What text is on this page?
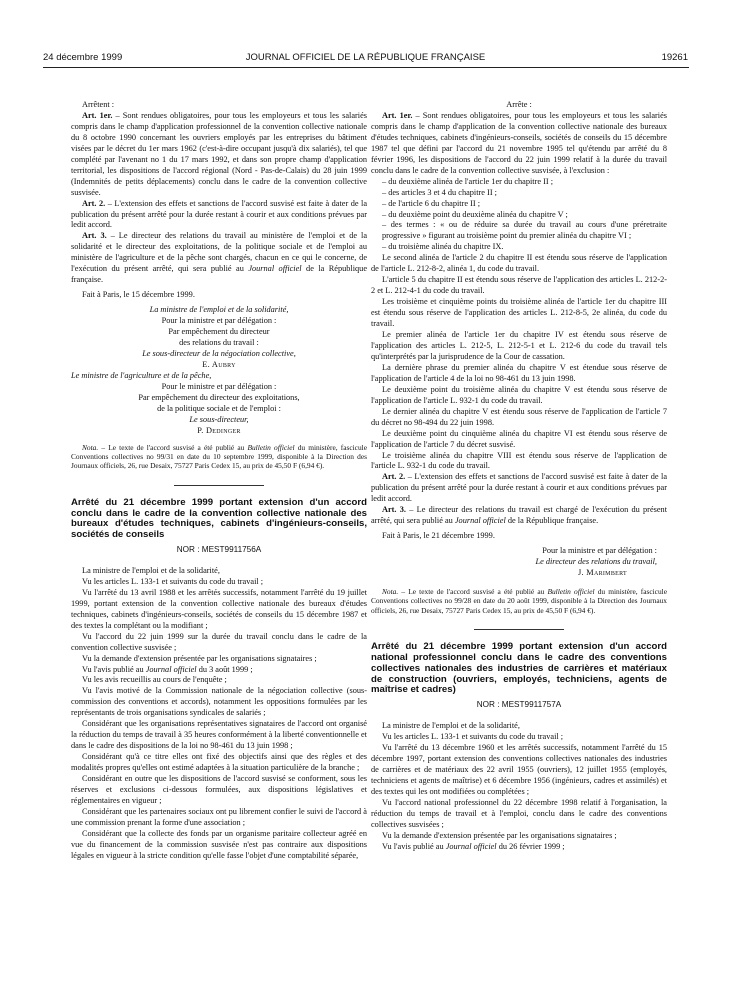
24 décembre 1999	JOURNAL OFFICIEL DE LA RÉPUBLIQUE FRANÇAISE	19261

Arrêtent :

Art. 1er. – Sont rendues obligatoires, pour tous les employeurs et tous les salariés compris dans le champ d'application professionnel de la convention collective nationale du 8 octobre 1990 concernant les ouvriers employés par les entreprises du bâtiment visées par le décret du 1er mars 1962 (c'est-à-dire occupant jusqu'à dix salariés), tel que complété par l'avenant no 1 du 17 mars 1992, et dans son propre champ d'application territorial, les dispositions de l'accord régional (Nord - Pas-de-Calais) du 28 juin 1999 (Indemnités de petits déplacements) conclu dans le cadre de la convention collective susvisée.

Art. 2. – L'extension des effets et sanctions de l'accord susvisé est faite à dater de la publication du présent arrêté pour la durée restant à courir et aux conditions prévues par ledit accord.

Art. 3. – Le directeur des relations du travail au ministère de l'emploi et de la solidarité et le directeur des exploitations, de la politique sociale et de l'emploi au ministère de l'agriculture et de la pêche sont chargés, chacun en ce qui le concerne, de l'exécution du présent arrêté, qui sera publié au Journal officiel de la République française.

Fait à Paris, le 15 décembre 1999.

La ministre de l'emploi et de la solidarité,

Pour la ministre et par délégation :

Par empêchement du directeur

des relations du travail :

Le sous-directeur de la négociation collective,

E. Aubry

Le ministre de l'agriculture et de la pêche,

Pour le ministre et par délégation :

Par empêchement du directeur des exploitations,

de la politique sociale et de l'emploi :

Le sous-directeur,

P. Dedinger

Nota. – Le texte de l'accord susvisé a été publié au Bulletin officiel du ministère, fascicule Conventions collectives no 99/31 en date du 10 septembre 1999, disponible à la Direction des Journaux officiels, 26, rue Desaix, 75727 Paris Cedex 15, au prix de 45,50 F (6,94 €).

Arrêté du 21 décembre 1999 portant extension d'un accord conclu dans le cadre de la convention collective nationale des bureaux d'études techniques, cabinets d'ingénieurs-conseils, sociétés de conseils

NOR : MESТ9911756A

La ministre de l'emploi et de la solidarité,

Vu les articles L. 133-1 et suivants du code du travail ;

Vu l'arrêté du 13 avril 1988 et les arrêtés successifs, notamment l'arrêté du 19 juillet 1999, portant extension de la convention collective nationale des bureaux d'études techniques, cabinets d'ingénieurs-conseils, sociétés de conseils du 15 décembre 1987 et des textes la complétant ou la modifiant ;

Vu l'accord du 22 juin 1999 sur la durée du travail conclu dans le cadre de la convention collective susvisée ;

Vu la demande d'extension présentée par les organisations signataires ;

Vu l'avis publié au Journal officiel du 3 août 1999 ;

Vu les avis recueillis au cours de l'enquête ;

Vu l'avis motivé de la Commission nationale de la négociation collective (sous-commission des conventions et accords), notamment les oppositions formulées par les représentants de trois organisations syndicales de salariés ;

Considérant que les organisations représentatives signataires de l'accord ont organisé la réduction du temps de travail à 35 heures conformément à la liberté conventionnelle et dans le cadre des dispositions de la loi no 98-461 du 13 juin 1998 ;

Considérant qu'à ce titre elles ont fixé des objectifs ainsi que des règles et des modalités propres qu'elles ont estimé adaptées à la situation particulière de la branche ;

Considérant en outre que les dispositions de l'accord susvisé se conforment, sous les réserves et exclusions ci-dessous formulées, aux dispositions législatives et réglementaires en vigueur ;

Considérant que les partenaires sociaux ont pu librement confier le suivi de l'accord à une commission prenant la forme d'une association ;

Considérant que la collecte des fonds par un organisme paritaire collecteur agréé en vue du financement de la commission susvisée n'est pas contraire aux dispositions légales en vigueur à la stricte condition qu'elle fasse l'objet d'une comptabilité séparée,

Arrête :

Art. 1er. – Sont rendues obligatoires, pour tous les employeurs et tous les salariés compris dans le champ d'application de la convention collective nationale des bureaux d'études techniques, cabinets d'ingénieurs-conseils, sociétés de conseils du 15 décembre 1987 tel que défini par l'accord du 21 novembre 1995 tel qu'étendu par arrêté du 8 février 1996, les dispositions de l'accord du 22 juin 1999 relatif à la durée du travail conclu dans le cadre de la convention collective susvisée, à l'exclusion :

– du deuxième alinéa de l'article 1er du chapitre II ;

– des articles 3 et 4 du chapitre II ;

– de l'article 6 du chapitre II ;

– du deuxième point du deuxième alinéa du chapitre V ;

– des termes : « ou de réduire sa durée du travail au cours d'une préretraite progressive » figurant au troisième point du premier alinéa du chapitre VI ;

– du troisième alinéa du chapitre IX.

Le second alinéa de l'article 2 du chapitre II est étendu sous réserve de l'application de l'article L. 212-8-2, alinéa 1, du code du travail.

L'article 5 du chapitre II est étendu sous réserve de l'application des articles L. 212-2-2 et L. 212-4-1 du code du travail.

Les troisième et cinquième points du troisième alinéa de l'article 1er du chapitre III est étendu sous réserve de l'application des articles L. 212-8-5, 2e alinéa, du code du travail.

Le premier alinéa de l'article 1er du chapitre IV est étendu sous réserve de l'application des articles L. 212-5, L. 212-5-1 et L. 212-6 du code du travail tels qu'interprétés par la jurisprudence de la Cour de cassation.

La dernière phrase du premier alinéa du chapitre V est étendue sous réserve de l'application de l'article 4 de la loi no 98-461 du 13 juin 1998.

Le deuxième point du troisième alinéa du chapitre V est étendu sous réserve de l'application de l'article L. 932-1 du code du travail.

Le dernier alinéa du chapitre V est étendu sous réserve de l'application de l'article 7 du décret no 98-494 du 22 juin 1998.

Le deuxième point du cinquième alinéa du chapitre VI est étendu sous réserve de l'application de l'article 7 du décret susvisé.

Le troisième alinéa du chapitre VIII est étendu sous réserve de l'application de l'article L. 932-1 du code du travail.

Art. 2. – L'extension des effets et sanctions de l'accord susvisé est faite à dater de la publication du présent arrêté pour la durée restant à courir et aux conditions prévues par ledit accord.

Art. 3. – Le directeur des relations du travail est chargé de l'exécution du présent arrêté, qui sera publié au Journal officiel de la République française.

Fait à Paris, le 21 décembre 1999.

Pour la ministre et par délégation :

Le directeur des relations du travail,

J. Marimbert

Nota. – Le texte de l'accord susvisé a été publié au Bulletin officiel du ministère, fascicule Conventions collectives no 99/28 en date du 20 août 1999, disponible à la Direction des Journaux officiels, 26, rue Desaix, 75727 Paris Cedex 15, au prix de 45,50 F (6,94 €).

Arrêté du 21 décembre 1999 portant extension d'un accord national professionnel conclu dans le cadre des conventions collectives nationales des industries de carrières et matériaux de construction (ouvriers, employés, techniciens, agents de maîtrise et cadres)

NOR : MEST9911757A

La ministre de l'emploi et de la solidarité,

Vu les articles L. 133-1 et suivants du code du travail ;

Vu l'arrêté du 13 décembre 1960 et les arrêtés successifs, notamment l'arrêté du 15 décembre 1997, portant extension des conventions collectives nationales des industries de carrières et de matériaux des 22 avril 1955 (ouvriers), 12 juillet 1955 (employés, techniciens et agents de maîtrise) et 6 décembre 1956 (ingénieurs, cadres et assimilés) et des textes qui les ont modifiées ou complétées ;

Vu l'accord national professionnel du 22 décembre 1998 relatif à l'organisation, la réduction du temps de travail et à l'emploi, conclu dans le cadre des conventions collectives susvisées ;

Vu la demande d'extension présentée par les organisations signataires ;

Vu l'avis publié au Journal officiel du 26 février 1999 ;
